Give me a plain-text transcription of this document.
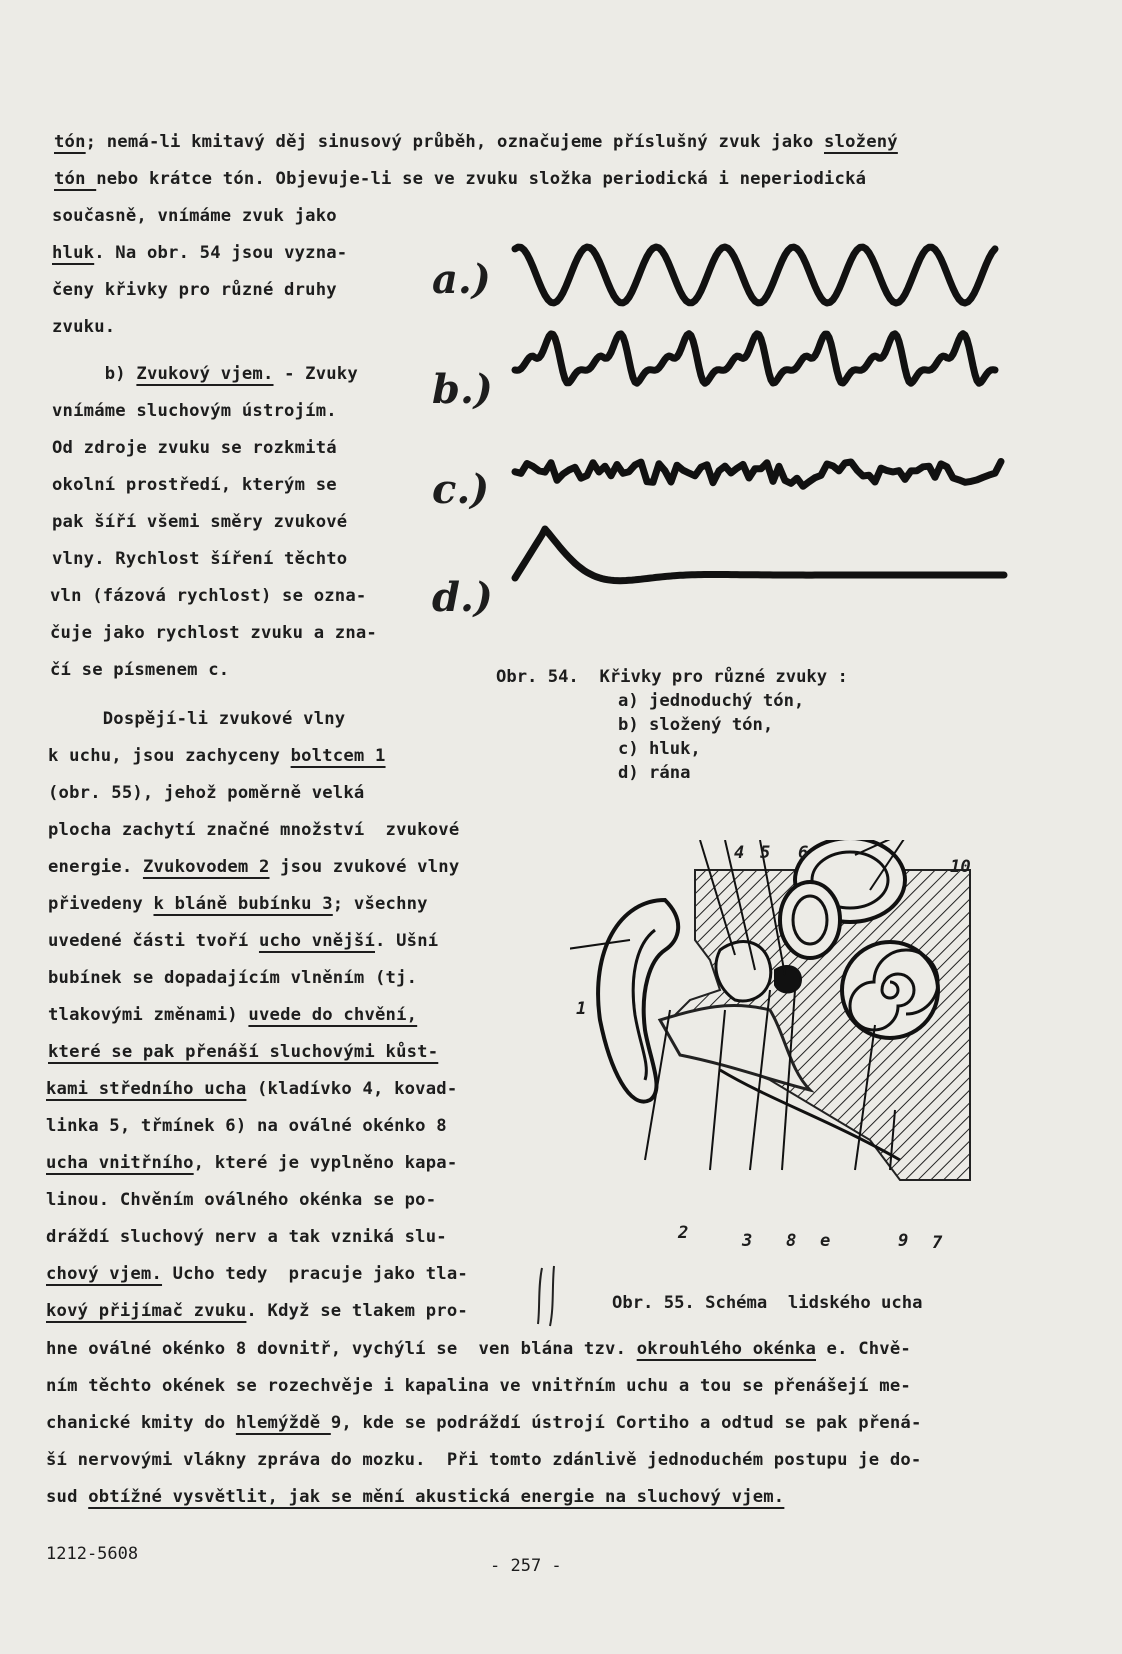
tón; nemá-li kmitavý děj sinusový průběh, označujeme příslušný zvuk jako složený
tón nebo krátce tón. Objevuje-li se ve zvuku složka periodická i neperiodická
současně, vnímáme zvuk jako
hluk. Na obr. 54 jsou vyzna-
čeny křivky pro různé druhy
zvuku.
b) Zvukový vjem. - Zvuky
vnímáme sluchovým ústrojím.
Od zdroje zvuku se rozkmitá
okolní prostředí, kterým se
pak šíří všemi směry zvukové
vlny. Rychlost šíření těchto
vln (fázová rychlost) se ozna-
čuje jako rychlost zvuku a zna-
čí se písmenem c.
Dospějí-li zvukové vlny
k uchu, jsou zachyceny boltcem 1
(obr. 55), jehož poměrně velká
plocha zachytí značné množství  zvukové
energie. Zvukovodem 2 jsou zvukové vlny
přivedeny k bláně bubínku 3; všechny
uvedené části tvoří ucho vnější. Ušní
bubínek se dopadajícím vlněním (tj.
tlakovými změnami) uvede do chvění,
které se pak přenáší sluchovými kůst-
kami středního ucha (kladívko 4, kovad-
linka 5, třmínek 6) na oválné okénko 8
ucha vnitřního, které je vyplněno kapa-
linou. Chvěním oválného okénka se po-
dráždí sluchový nerv a tak vzniká slu-
chový vjem. Ucho tedy  pracuje jako tla-
kový přijímač zvuku. Když se tlakem pro-
hne oválné okénko 8 dovnitř, vychýlí se  ven blána tzv. okrouhlého okénka e. Chvě-
ním těchto okének se rozechvěje i kapalina ve vnitřním uchu a tou se přenášejí me-
chanické kmity do hlemýždě 9, kde se podráždí ústrojí Cortiho a odtud se pak přená-
ší nervovými vlákny zpráva do mozku.  Při tomto zdánlivě jednoduchém postupu je do-
sud obtížné vysvětlit, jak se mění akustická energie na sluchový vjem.
a.)
b.)
c.)
d.)
Obr. 54.  Křivky pro různé zvuky :
a) jednoduchý tón,
b) složený tón,
c) hluk,
d) rána
4 5 6
10
1
2	3 8 e	9 7
Obr. 55. Schéma  lidského ucha
1212-5608
- 257 -
